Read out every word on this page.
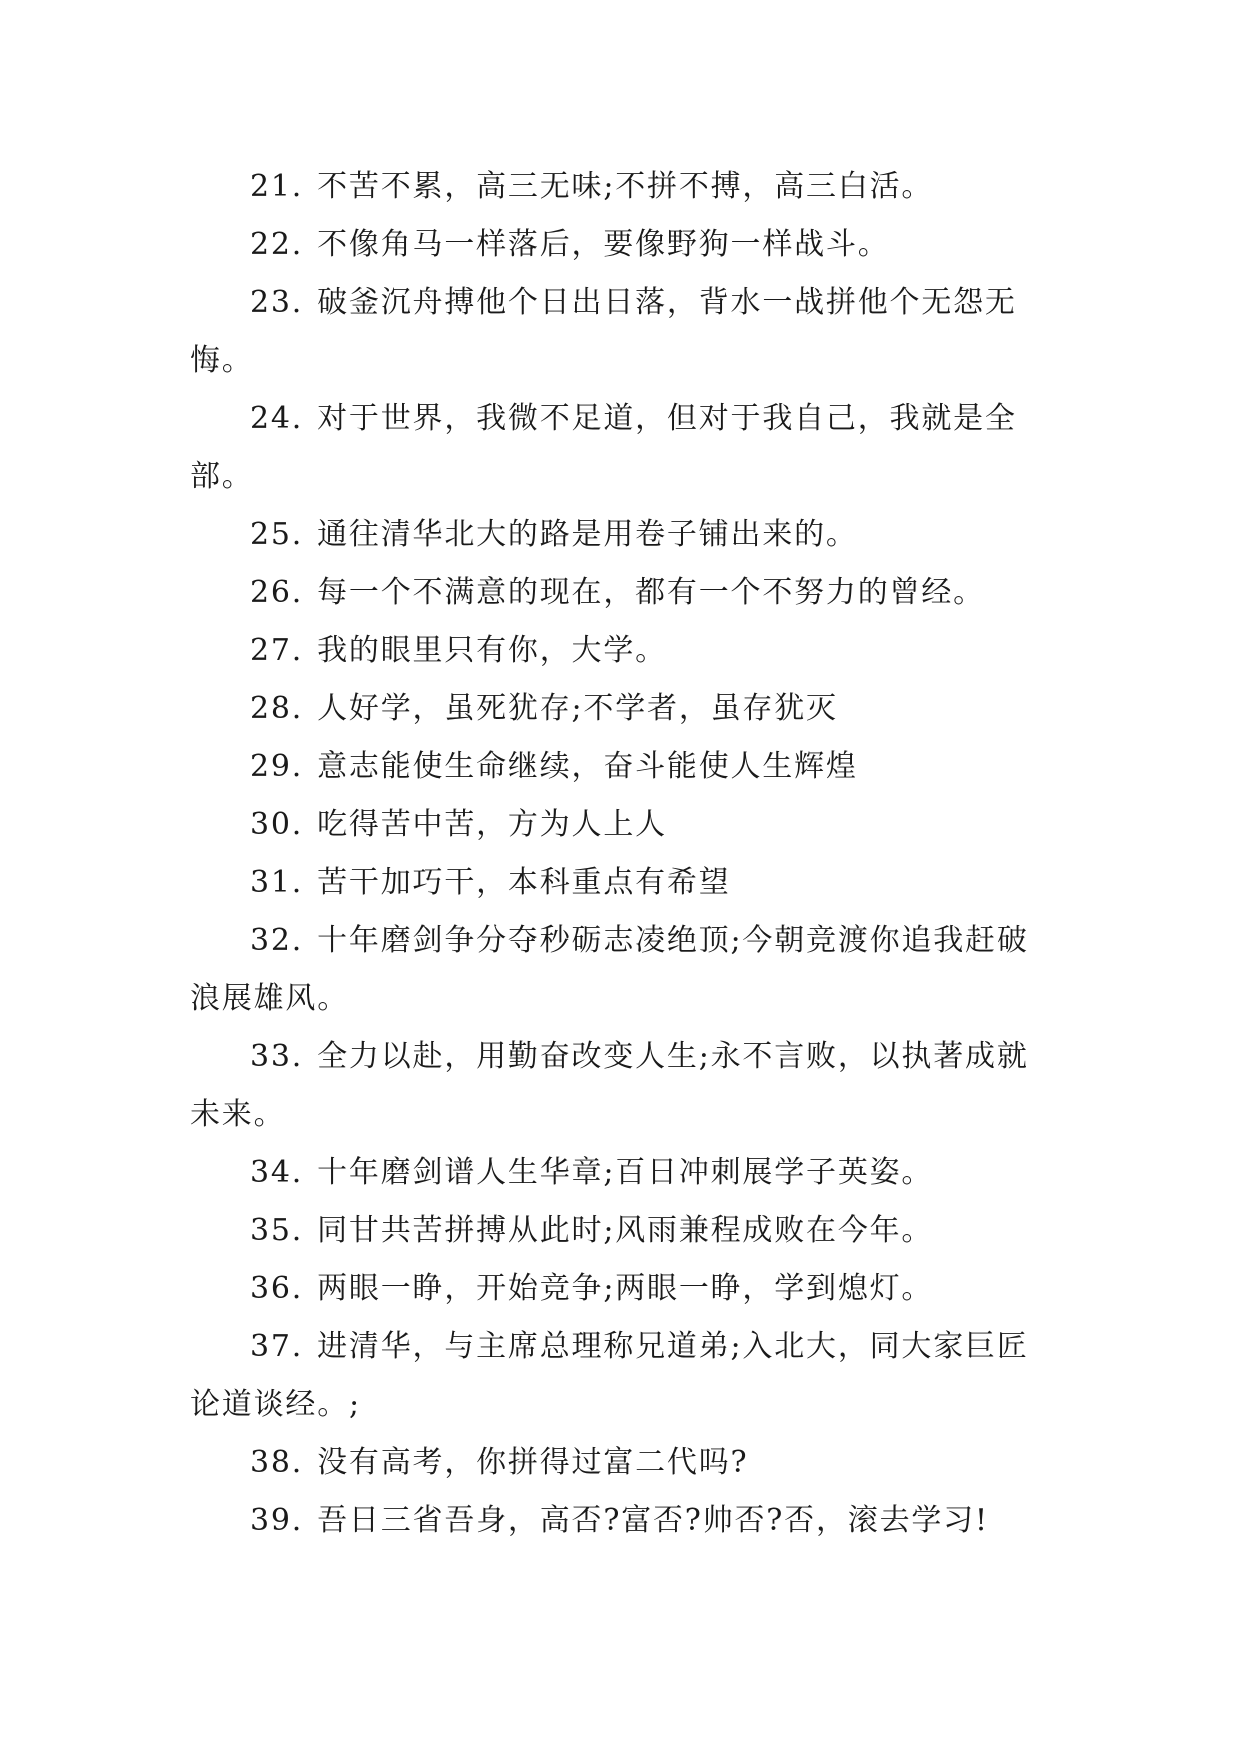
21. 不苦不累，高三无味;不拼不搏，高三白活。

22. 不像角马一样落后，要像野狗一样战斗。

23. 破釜沉舟搏他个日出日落，背水一战拼他个无怨无悔。

24. 对于世界，我微不足道，但对于我自己，我就是全部。

25. 通往清华北大的路是用卷子铺出来的。

26. 每一个不满意的现在，都有一个不努力的曾经。

27. 我的眼里只有你，大学。

28. 人好学，虽死犹存;不学者，虽存犹灭

29. 意志能使生命继续，奋斗能使人生辉煌

30. 吃得苦中苦，方为人上人

31. 苦干加巧干，本科重点有希望

32. 十年磨剑争分夺秒砺志凌绝顶;今朝竞渡你追我赶破浪展雄风。

33. 全力以赴，用勤奋改变人生;永不言败，以执著成就未来。

34. 十年磨剑谱人生华章;百日冲刺展学子英姿。

35. 同甘共苦拼搏从此时;风雨兼程成败在今年。

36. 两眼一睁，开始竞争;两眼一睁，学到熄灯。

37. 进清华，与主席总理称兄道弟;入北大，同大家巨匠论道谈经。;

38. 没有高考，你拼得过富二代吗?

39. 吾日三省吾身，高否?富否?帅否?否，滚去学习!
